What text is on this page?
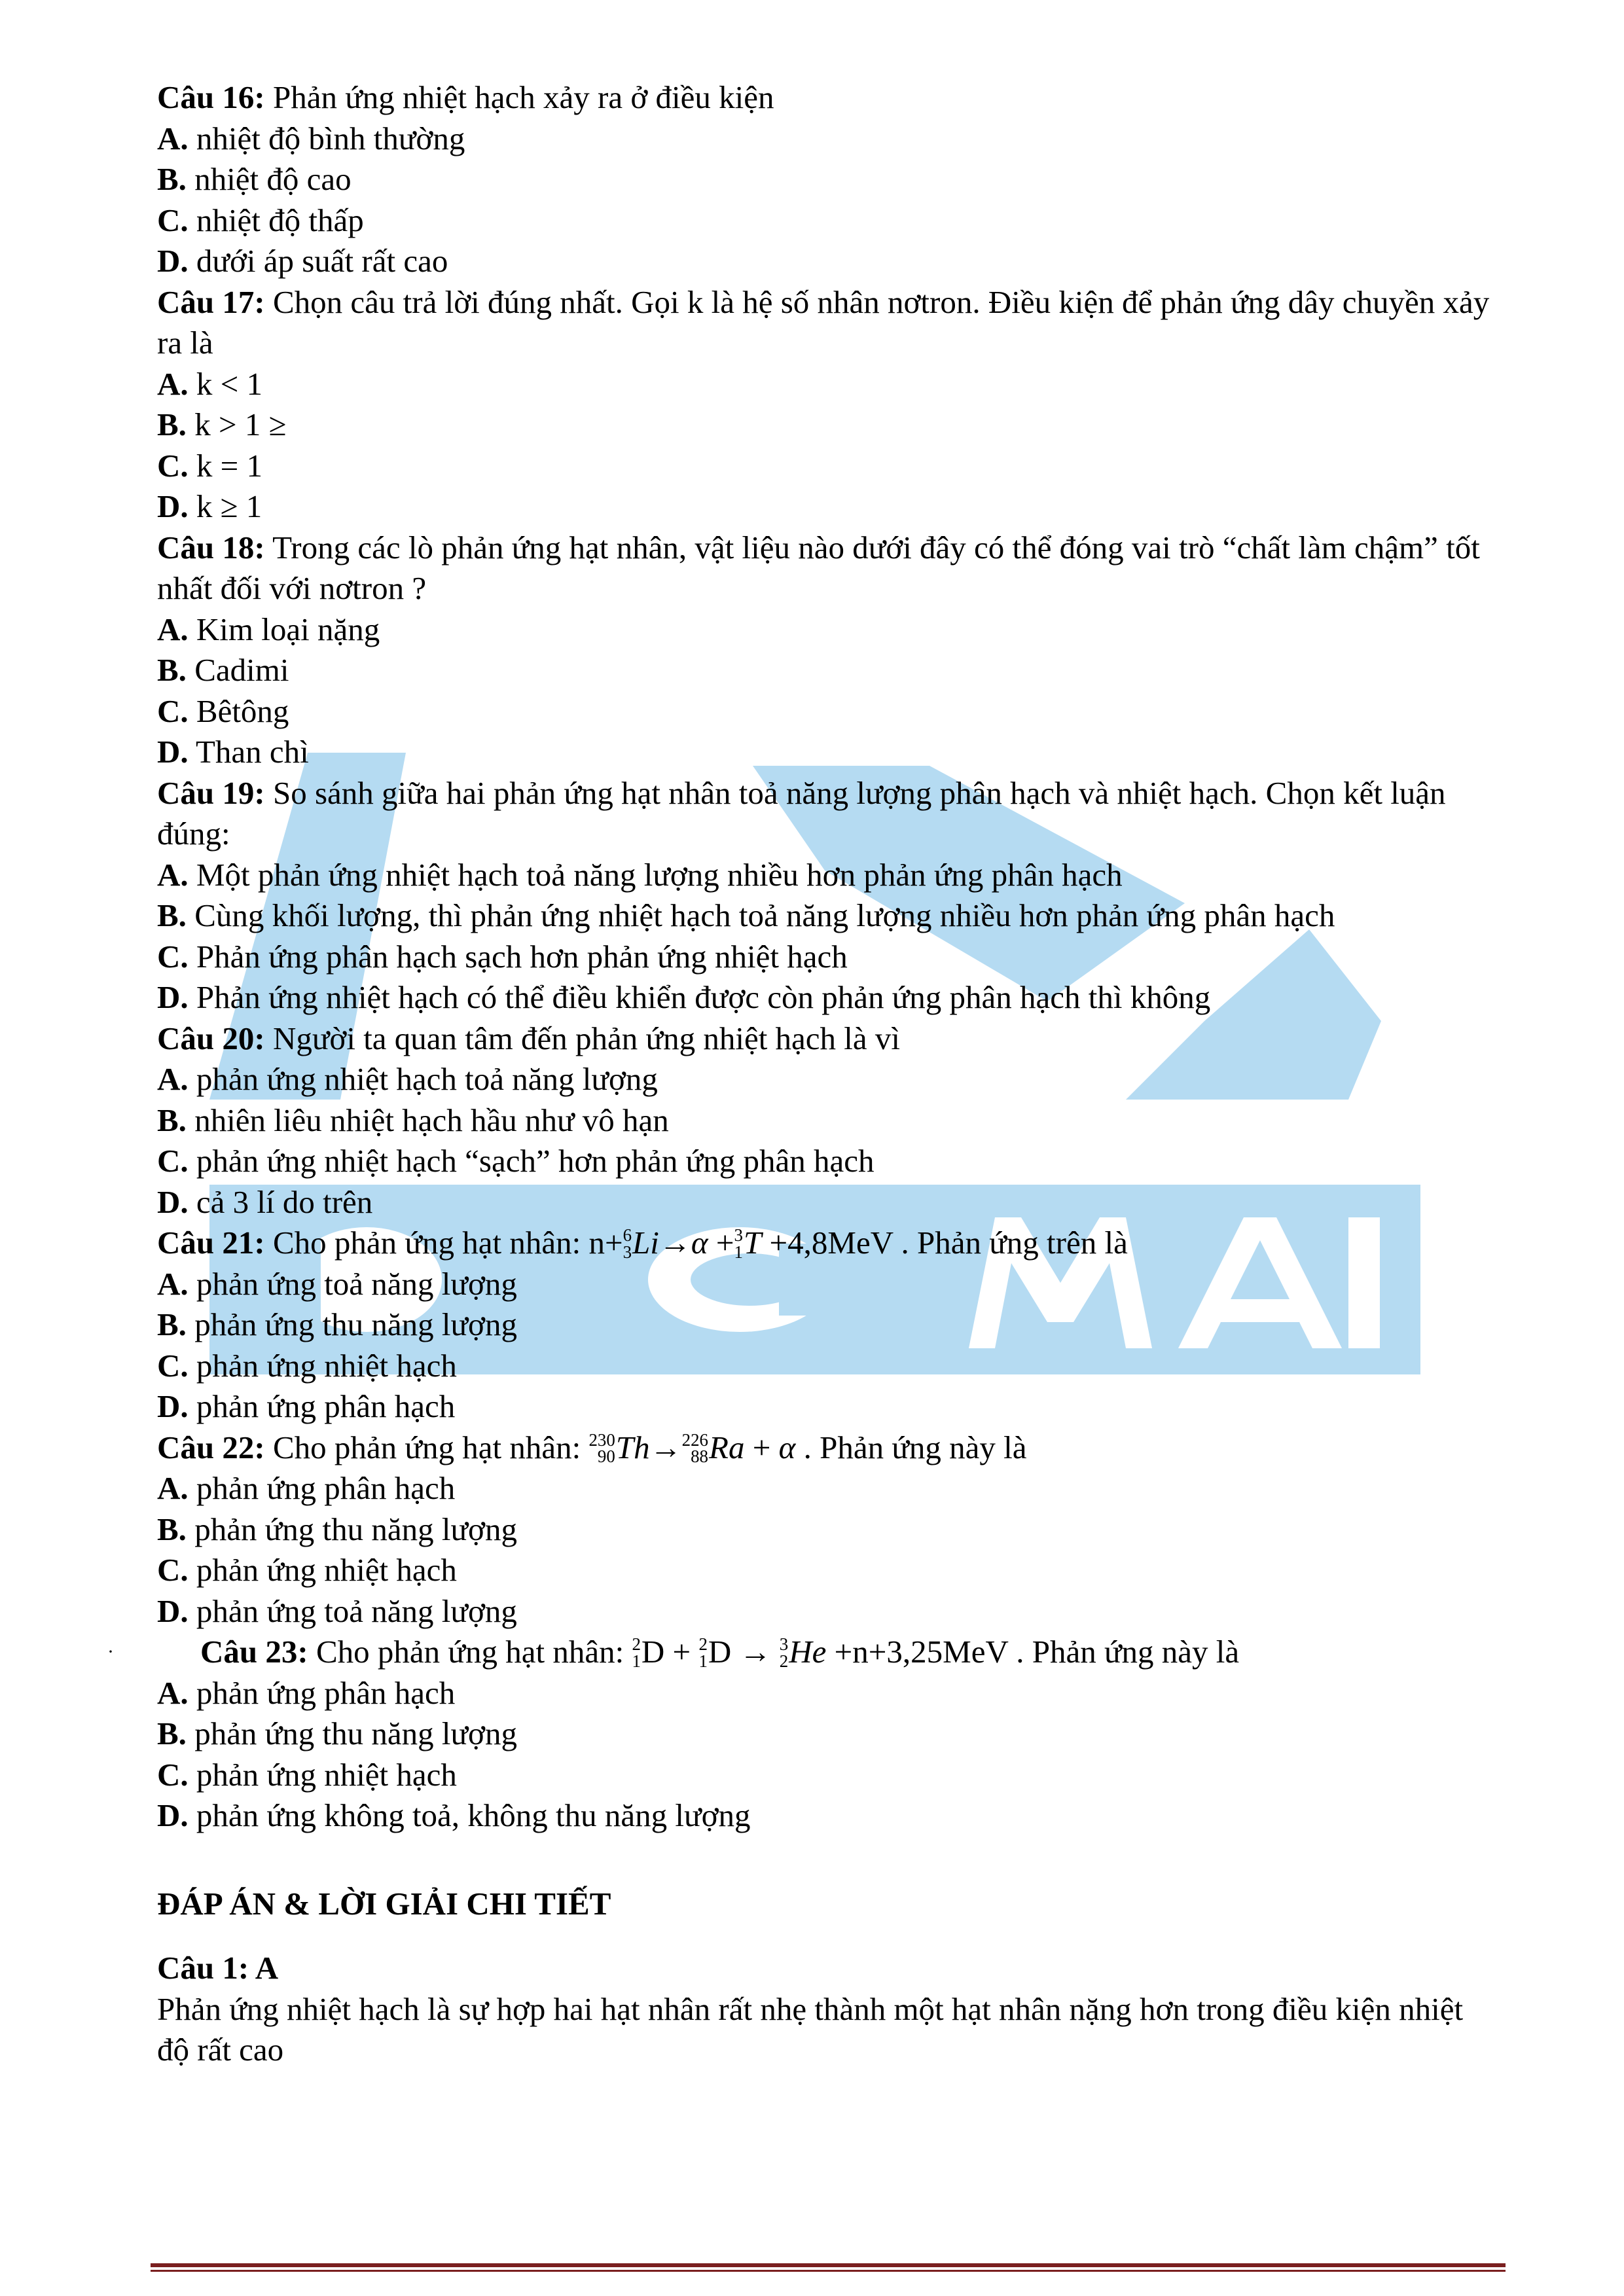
Câu 16: Phản ứng nhiệt hạch xảy ra ở điều kiện
A. nhiệt độ bình thường
B. nhiệt độ cao
C. nhiệt độ thấp
D. dưới áp suất rất cao
Câu 17: Chọn câu trả lời đúng nhất. Gọi k là hệ số nhân nơtron. Điều kiện để phản ứng dây chuyền xảy ra là
A. k < 1
B. k > 1 ≥
C. k = 1
D. k ≥ 1
Câu 18: Trong các lò phản ứng hạt nhân, vật liệu nào dưới đây có thể đóng vai trò “chất làm chậm” tốt nhất đối với nơtron ?
A. Kim loại nặng
B. Cadimi
C. Bêtông
D. Than chì
Câu 19: So sánh giữa hai phản ứng hạt nhân toả năng lượng phân hạch và nhiệt hạch. Chọn kết luận đúng:
A. Một phản ứng nhiệt hạch toả năng lượng nhiều hơn phản ứng phân hạch
B. Cùng khối lượng, thì phản ứng nhiệt hạch toả năng lượng nhiều hơn phản ứng phân hạch
C. Phản ứng phân hạch sạch hơn phản ứng nhiệt hạch
D. Phản ứng nhiệt hạch có thể điều khiển được còn phản ứng phân hạch thì không
Câu 20: Người ta quan tâm đến phản ứng nhiệt hạch là vì
A. phản ứng nhiệt hạch toả năng lượng
B. nhiên liêu nhiệt hạch hầu như vô hạn
C. phản ứng nhiệt hạch “sạch” hơn phản ứng phân hạch
D. cả 3 lí do trên
Câu 21: Cho phản ứng hạt nhân: n+ 6
3 Li→α + 3
1 T +4,8MeV . Phản ứng trên là
A. phản ứng toả năng lượng
B. phản ứng thu năng lượng
C. phản ứng nhiệt hạch
D. phản ứng phân hạch
Câu 22: Cho phản ứng hạt nhân: 230
90 Th→ 226
88 Ra + α . Phản ứng này là
A. phản ứng phân hạch
B. phản ứng thu năng lượng
C. phản ứng nhiệt hạch
D. phản ứng toả năng lượng
·	Câu 23: Cho phản ứng hạt nhân: 2
1 D + 2
1 D → 3
2 He +n+3,25MeV . Phản ứng này là
A. phản ứng phân hạch
B. phản ứng thu năng lượng
C. phản ứng nhiệt hạch
D. phản ứng không toả, không thu năng lượng
ĐÁP ÁN & LỜI GIẢI CHI TIẾT
Câu 1: A
Phản ứng nhiệt hạch là sự hợp hai hạt nhân rất nhẹ thành một hạt nhân nặng hơn trong điều kiện nhiệt độ rất cao
